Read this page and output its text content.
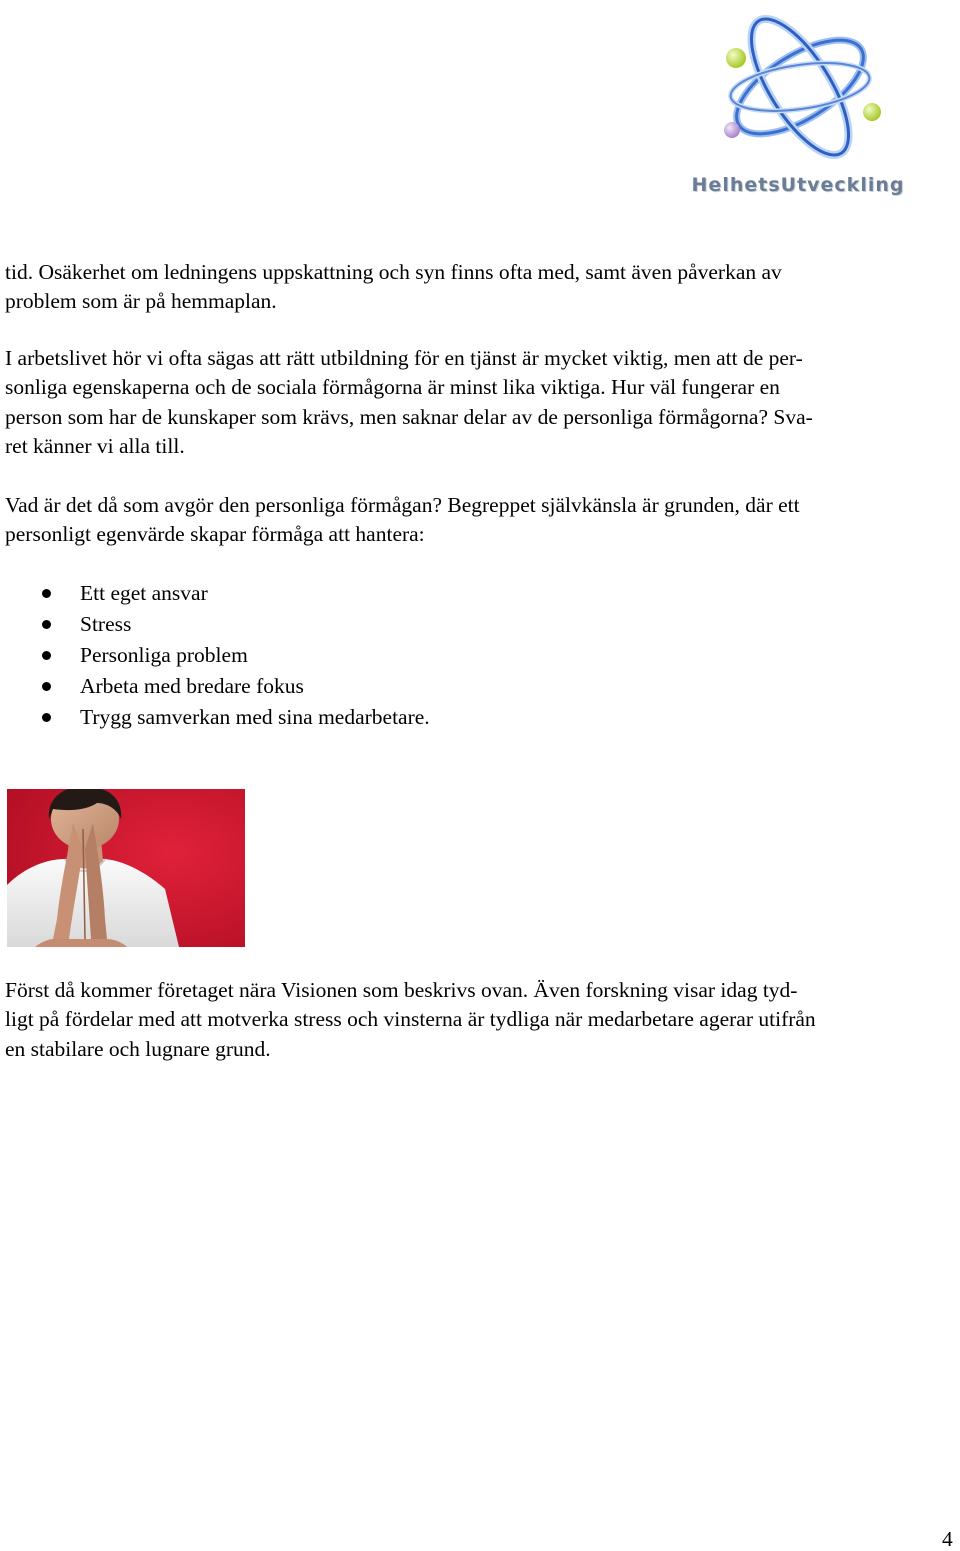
HelhetsUtveckling

tid. Osäkerhet om ledningens uppskattning och syn finns ofta med, samt även påverkan av
problem som är på hemmaplan.

I arbetslivet hör vi ofta sägas att rätt utbildning för en tjänst är mycket viktig, men att de per-
sonliga egenskaperna och de sociala förmågorna är minst lika viktiga. Hur väl fungerar en
person som har de kunskaper som krävs, men saknar delar av de personliga förmågorna? Sva-
ret känner vi alla till.

Vad är det då som avgör den personliga förmågan? Begreppet självkänsla är grunden, där ett
personligt egenvärde skapar förmåga att hantera:

Ett eget ansvar
Stress
Personliga problem
Arbeta med bredare fokus
Trygg samverkan med sina medarbetare.

Först då kommer företaget nära Visionen som beskrivs ovan. Även forskning visar idag tyd-
ligt på fördelar med att motverka stress och vinsterna är tydliga när medarbetare agerar utifrån
en stabilare och lugnare grund.

4
